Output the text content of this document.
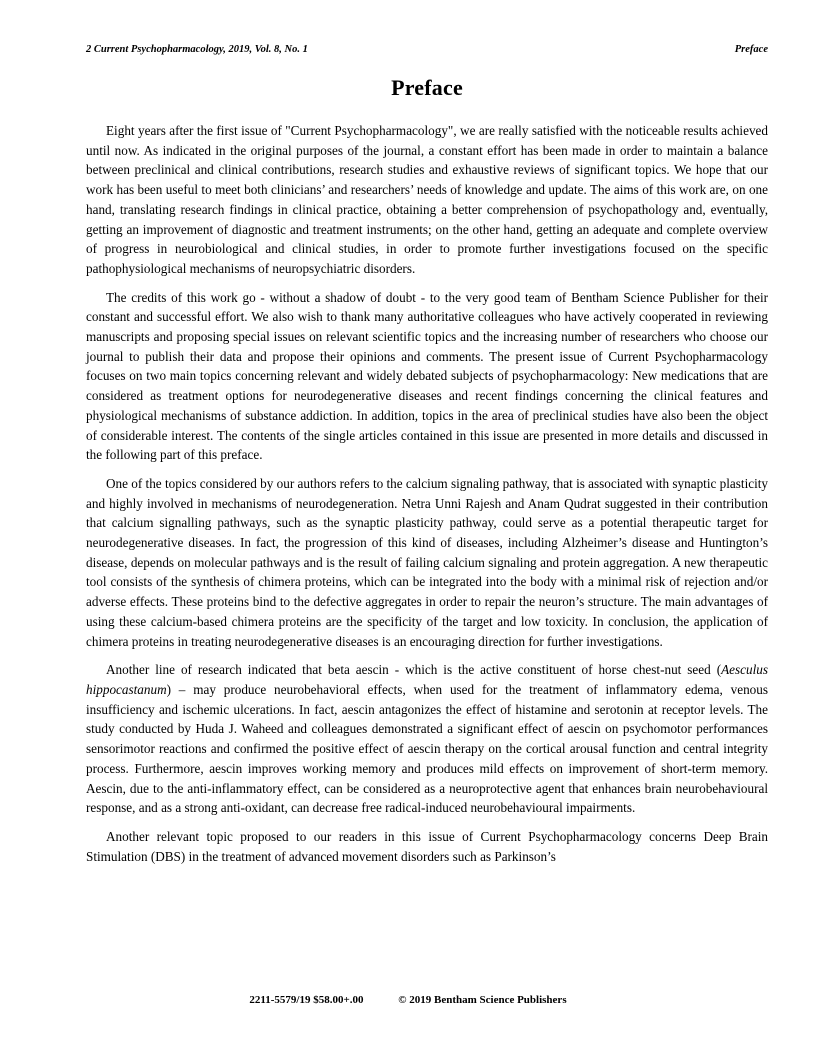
2 Current Psychopharmacology, 2019, Vol. 8, No. 1	Preface
Preface

Eight years after the first issue of "Current Psychopharmacology", we are really satisfied with the noticeable results achieved until now. As indicated in the original purposes of the journal, a constant effort has been made in order to maintain a balance between preclinical and clinical contributions, research studies and exhaustive reviews of significant topics. We hope that our work has been useful to meet both clinicians’ and researchers’ needs of knowledge and update. The aims of this work are, on one hand, translating research findings in clinical practice, obtaining a better comprehension of psychopathology and, eventually, getting an improvement of diagnostic and treatment instruments; on the other hand, getting an adequate and complete overview of progress in neurobiological and clinical studies, in order to promote further investigations focused on the specific pathophysiological mechanisms of neuropsychiatric disorders.

The credits of this work go - without a shadow of doubt - to the very good team of Bentham Science Publisher for their constant and successful effort. We also wish to thank many authoritative colleagues who have actively cooperated in reviewing manuscripts and proposing special issues on relevant scientific topics and the increasing number of researchers who choose our journal to publish their data and propose their opinions and comments. The present issue of Current Psychopharmacology focuses on two main topics concerning relevant and widely debated subjects of psychopharmacology: New medications that are considered as treatment options for neurodegenerative diseases and recent findings concerning the clinical features and physiological mechanisms of substance addiction. In addition, topics in the area of preclinical studies have also been the object of considerable interest. The contents of the single articles contained in this issue are presented in more details and discussed in the following part of this preface.

One of the topics considered by our authors refers to the calcium signaling pathway, that is associated with synaptic plasticity and highly involved in mechanisms of neurodegeneration. Netra Unni Rajesh and Anam Qudrat suggested in their contribution that calcium signalling pathways, such as the synaptic plasticity pathway, could serve as a potential therapeutic target for neurodegenerative diseases. In fact, the progression of this kind of diseases, including Alzheimer’s disease and Huntington’s disease, depends on molecular pathways and is the result of failing calcium signaling and protein aggregation. A new therapeutic tool consists of the synthesis of chimera proteins, which can be integrated into the body with a minimal risk of rejection and/or adverse effects. These proteins bind to the defective aggregates in order to repair the neuron’s structure. The main advantages of using these calcium-based chimera proteins are the specificity of the target and low toxicity. In conclusion, the application of chimera proteins in treating neurodegenerative diseases is an encouraging direction for further investigations.

Another line of research indicated that beta aescin - which is the active constituent of horse chest-nut seed (Aesculus hippocastanum) – may produce neurobehavioral effects, when used for the treatment of inflammatory edema, venous insufficiency and ischemic ulcerations. In fact, aescin antagonizes the effect of histamine and serotonin at receptor levels. The study conducted by Huda J. Waheed and colleagues demonstrated a significant effect of aescin on psychomotor performances sensorimotor reactions and confirmed the positive effect of aescin therapy on the cortical arousal function and central integrity process. Furthermore, aescin improves working memory and produces mild effects on improvement of short-term memory. Aescin, due to the anti-inflammatory effect, can be considered as a neuroprotective agent that enhances brain neurobehavioural response, and as a strong anti-oxidant, can decrease free radical-induced neurobehavioural impairments.

Another relevant topic proposed to our readers in this issue of Current Psychopharmacology concerns Deep Brain Stimulation (DBS) in the treatment of advanced movement disorders such as Parkinson’s

2211-5579/19 $58.00+.00	© 2019 Bentham Science Publishers
